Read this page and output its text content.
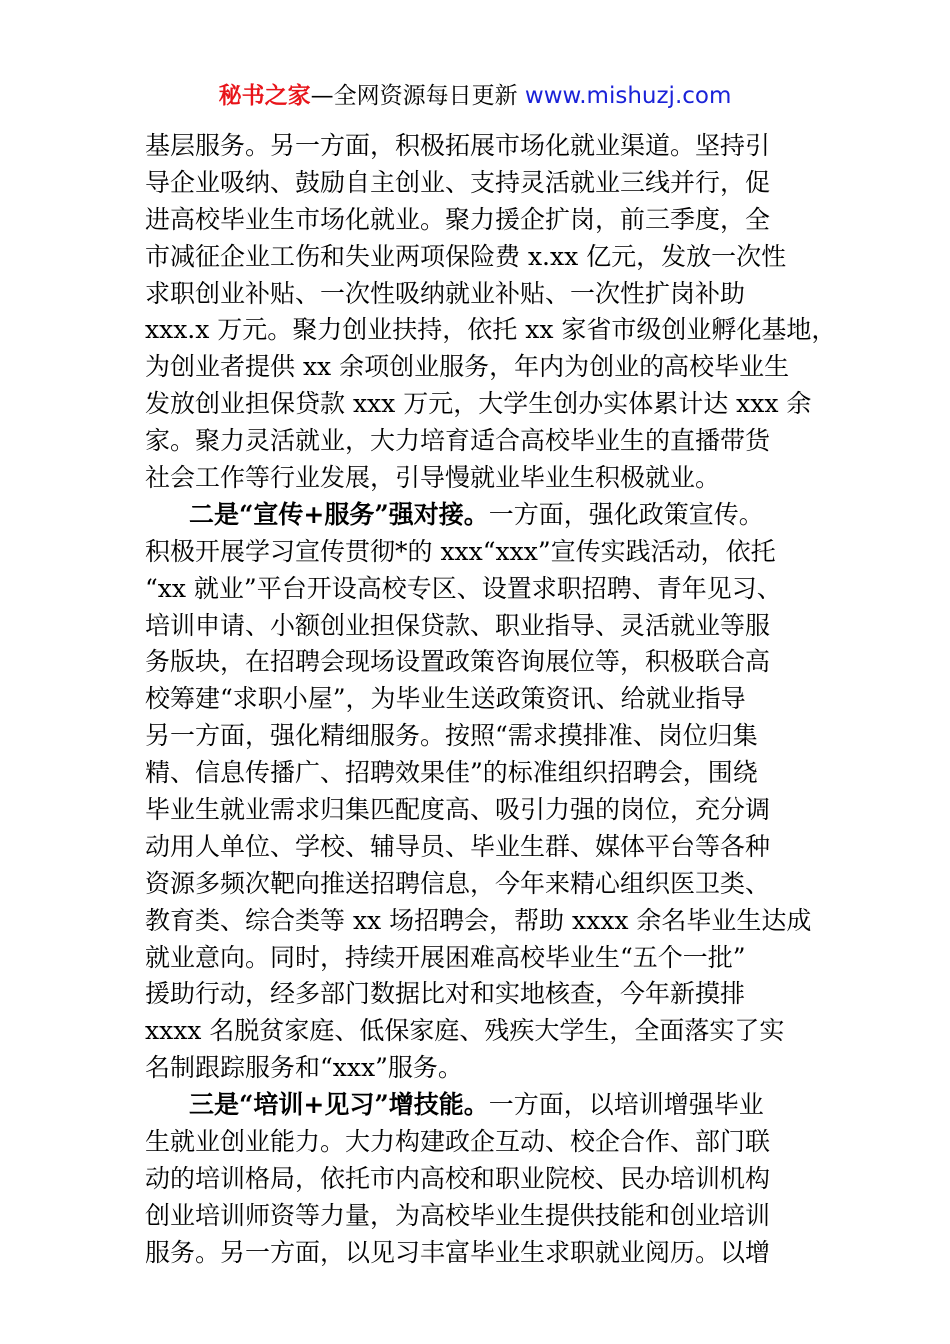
秘书之家—全网资源每日更新 www.mishuzj.com
基层服务。另一方面，积极拓展市场化就业渠道。坚持引
导企业吸纳、鼓励自主创业、支持灵活就业三线并行，促
进高校毕业生市场化就业。聚力援企扩岗，前三季度，全
市减征企业工伤和失业两项保险费 x.xx 亿元，发放一次性
求职创业补贴、一次性吸纳就业补贴、一次性扩岗补助
xxx.x 万元。聚力创业扶持，依托 xx 家省市级创业孵化基地，
为创业者提供 xx 余项创业服务，年内为创业的高校毕业生
发放创业担保贷款 xxx 万元，大学生创办实体累计达 xxx 余
家。聚力灵活就业，大力培育适合高校毕业生的直播带货
社会工作等行业发展，引导慢就业毕业生积极就业。
二是“宣传+服务”强对接。一方面，强化政策宣传。
积极开展学习宣传贯彻*的 xxx“xxx”宣传实践活动，依托
“xx 就业”平台开设高校专区、设置求职招聘、青年见习、
培训申请、小额创业担保贷款、职业指导、灵活就业等服
务版块，在招聘会现场设置政策咨询展位等，积极联合高
校筹建“求职小屋”，为毕业生送政策资讯、给就业指导
另一方面，强化精细服务。按照“需求摸排准、岗位归集
精、信息传播广、招聘效果佳”的标准组织招聘会，围绕
毕业生就业需求归集匹配度高、吸引力强的岗位，充分调
动用人单位、学校、辅导员、毕业生群、媒体平台等各种
资源多频次靶向推送招聘信息，今年来精心组织医卫类、
教育类、综合类等 xx 场招聘会，帮助 xxxx 余名毕业生达成
就业意向。同时，持续开展困难高校毕业生“五个一批”
援助行动，经多部门数据比对和实地核查，今年新摸排
xxxx 名脱贫家庭、低保家庭、残疾大学生，全面落实了实
名制跟踪服务和“xxx”服务。
三是“培训+见习”增技能。一方面，以培训增强毕业
生就业创业能力。大力构建政企互动、校企合作、部门联
动的培训格局，依托市内高校和职业院校、民办培训机构
创业培训师资等力量，为高校毕业生提供技能和创业培训
服务。另一方面，以见习丰富毕业生求职就业阅历。以增
